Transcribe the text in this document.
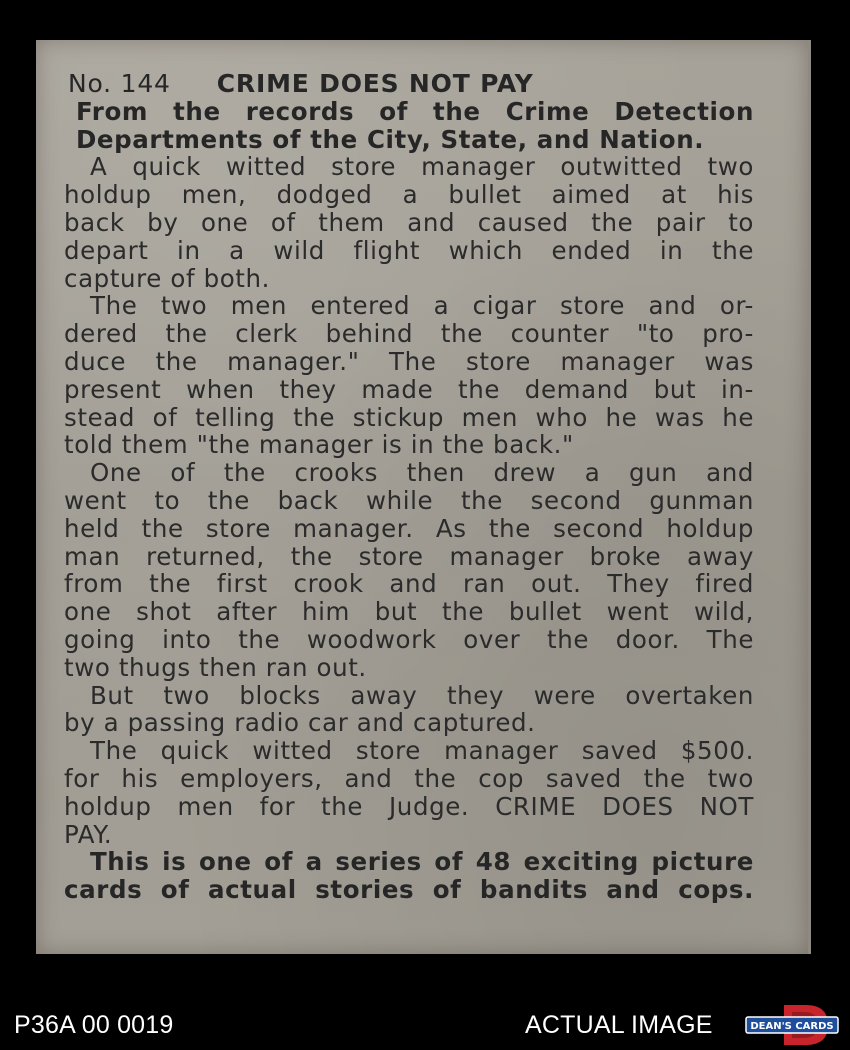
No. 144 CRIME DOES NOT PAY
From the records of the Crime Detection
Departments of the City, State, and Nation.
A quick witted store manager outwitted two
holdup men, dodged a bullet aimed at his
back by one of them and caused the pair to
depart in a wild flight which ended in the
capture of both.
The two men entered a cigar store and or-
dered the clerk behind the counter "to pro-
duce the manager." The store manager was
present when they made the demand but in-
stead of telling the stickup men who he was he
told them "the manager is in the back."
One of the crooks then drew a gun and
went to the back while the second gunman
held the store manager. As the second holdup
man returned, the store manager broke away
from the first crook and ran out. They fired
one shot after him but the bullet went wild,
going into the woodwork over the door. The
two thugs then ran out.
But two blocks away they were overtaken
by a passing radio car and captured.
The quick witted store manager saved $500.
for his employers, and the cop saved the two
holdup men for the Judge. CRIME DOES NOT
PAY.
This is one of a series of 48 exciting picture
cards of actual stories of bandits and cops.
P36A 00 0019	ACTUAL IMAGE	DEAN'S CARDS
